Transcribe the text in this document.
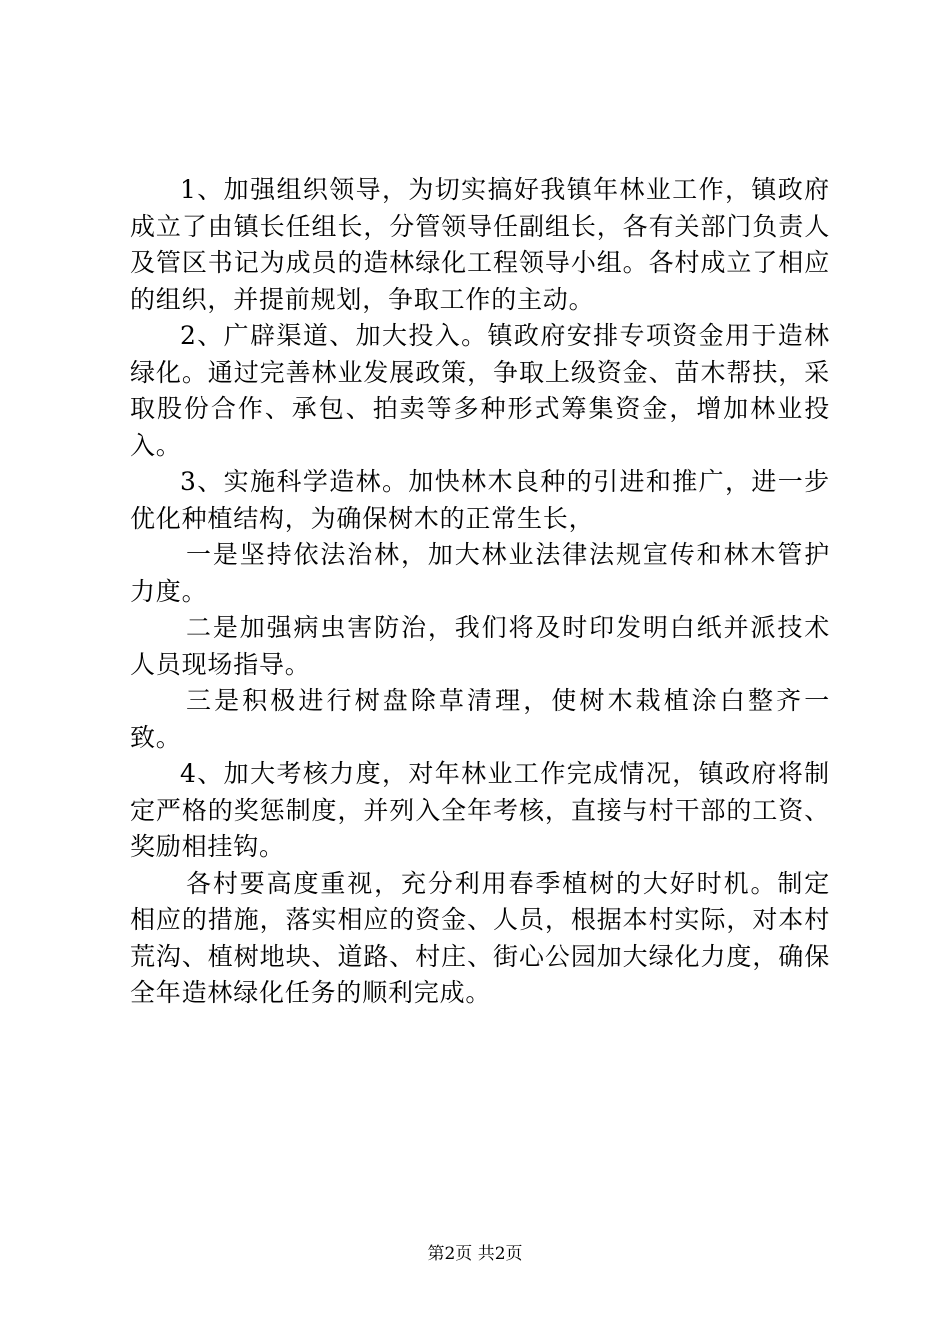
1、加强组织领导，为切实搞好我镇年林业工作，镇政府成立了由镇长任组长，分管领导任副组长，各有关部门负责人及管区书记为成员的造林绿化工程领导小组。各村成立了相应的组织，并提前规划，争取工作的主动。

2、广辟渠道、加大投入。镇政府安排专项资金用于造林绿化。通过完善林业发展政策，争取上级资金、苗木帮扶，采取股份合作、承包、拍卖等多种形式筹集资金，增加林业投入。

3、实施科学造林。加快林木良种的引进和推广，进一步优化种植结构，为确保树木的正常生长，

一是坚持依法治林，加大林业法律法规宣传和林木管护力度。

二是加强病虫害防治，我们将及时印发明白纸并派技术人员现场指导。

三是积极进行树盘除草清理，使树木栽植涂白整齐一致。

4、加大考核力度，对年林业工作完成情况，镇政府将制定严格的奖惩制度，并列入全年考核，直接与村干部的工资、奖励相挂钩。

各村要高度重视，充分利用春季植树的大好时机。制定相应的措施，落实相应的资金、人员，根据本村实际，对本村荒沟、植树地块、道路、村庄、街心公园加大绿化力度，确保全年造林绿化任务的顺利完成。

第2页 共2页
